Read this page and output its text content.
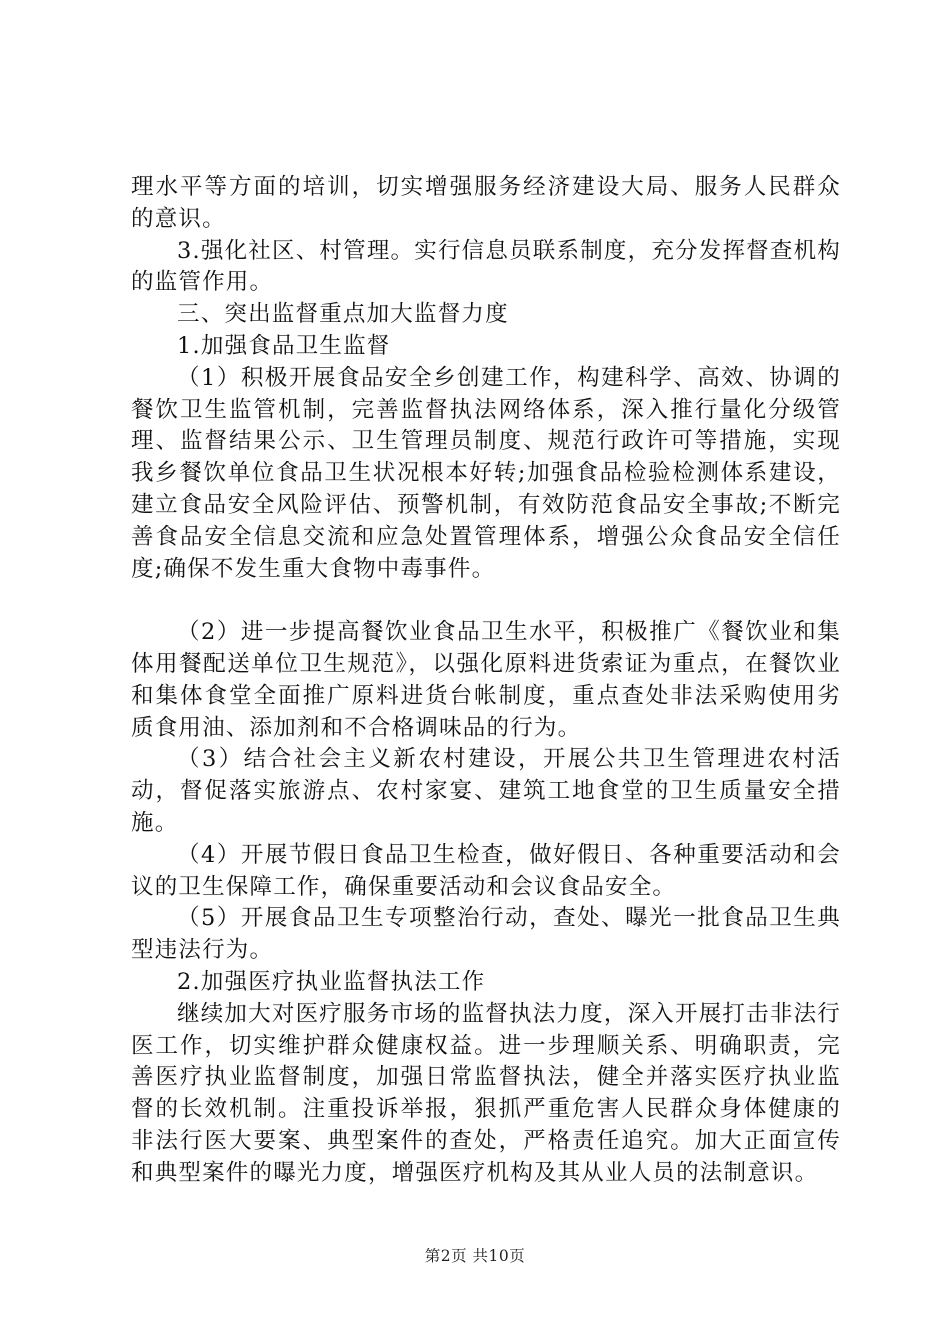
理水平等方面的培训，切实增强服务经济建设大局、服务人民群众的意识。

3.强化社区、村管理。实行信息员联系制度，充分发挥督查机构的监管作用。

三、突出监督重点加大监督力度

1.加强食品卫生监督

（1）积极开展食品安全乡创建工作，构建科学、高效、协调的餐饮卫生监管机制，完善监督执法网络体系，深入推行量化分级管理、监督结果公示、卫生管理员制度、规范行政许可等措施，实现我乡餐饮单位食品卫生状况根本好转;加强食品检验检测体系建设，建立食品安全风险评估、预警机制，有效防范食品安全事故;不断完善食品安全信息交流和应急处置管理体系，增强公众食品安全信任度;确保不发生重大食物中毒事件。

（2）进一步提高餐饮业食品卫生水平，积极推广《餐饮业和集体用餐配送单位卫生规范》，以强化原料进货索证为重点，在餐饮业和集体食堂全面推广原料进货台帐制度，重点查处非法采购使用劣质食用油、添加剂和不合格调味品的行为。

（3）结合社会主义新农村建设，开展公共卫生管理进农村活动，督促落实旅游点、农村家宴、建筑工地食堂的卫生质量安全措施。

（4）开展节假日食品卫生检查，做好假日、各种重要活动和会议的卫生保障工作，确保重要活动和会议食品安全。

（5）开展食品卫生专项整治行动，查处、曝光一批食品卫生典型违法行为。

2.加强医疗执业监督执法工作

继续加大对医疗服务市场的监督执法力度，深入开展打击非法行医工作，切实维护群众健康权益。进一步理顺关系、明确职责，完善医疗执业监督制度，加强日常监督执法，健全并落实医疗执业监督的长效机制。注重投诉举报，狠抓严重危害人民群众身体健康的非法行医大要案、典型案件的查处，严格责任追究。加大正面宣传和典型案件的曝光力度，增强医疗机构及其从业人员的法制意识。

第2页 共10页
